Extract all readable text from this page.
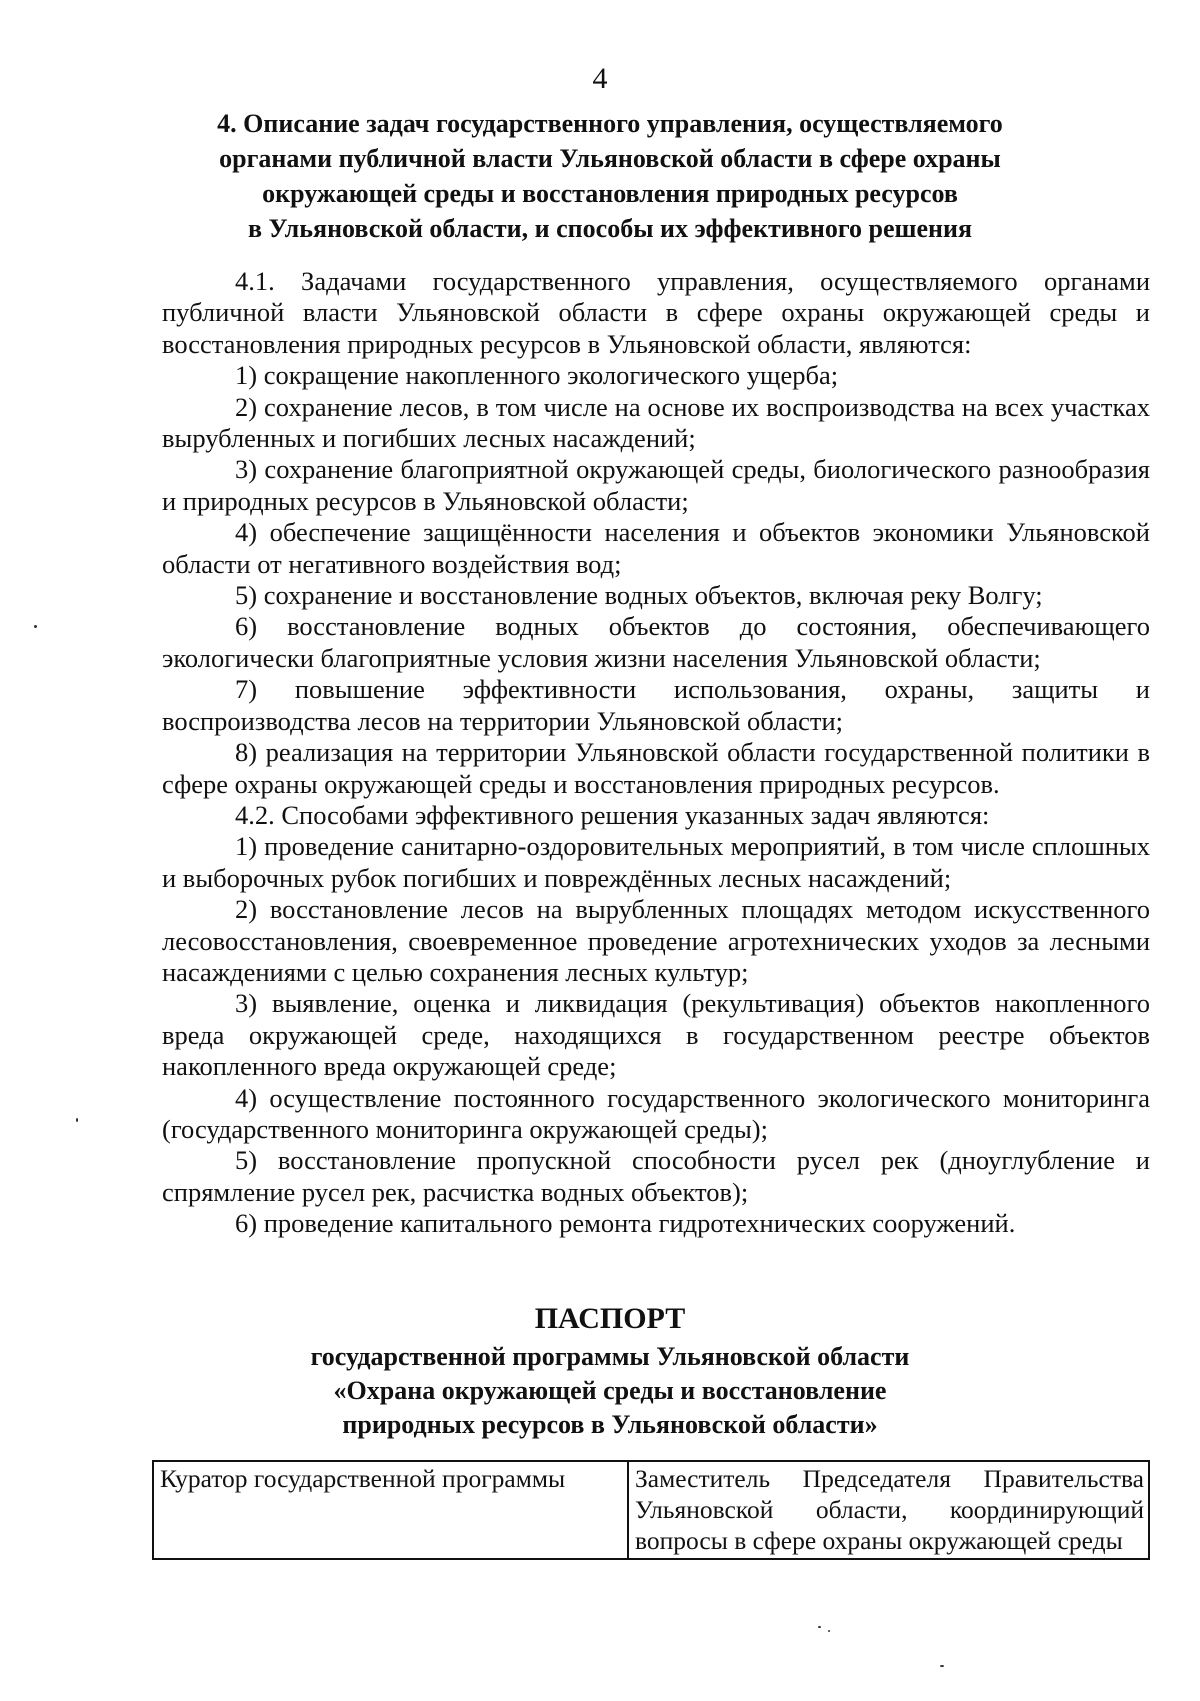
4
4. Описание задач государственного управления, осуществляемого
органами публичной власти Ульяновской области в сфере охраны
окружающей среды и восстановления природных ресурсов
в Ульяновской области, и способы их эффективного решения

4.1. Задачами государственного управления, осуществляемого органами публичной власти Ульяновской области в сфере охраны окружающей среды и восстановления природных ресурсов в Ульяновской области, являются:

1) сокращение накопленного экологического ущерба;

2) сохранение лесов, в том числе на основе их воспроизводства на всех участках вырубленных и погибших лесных насаждений;

3) сохранение благоприятной окружающей среды, биологического разнообразия и природных ресурсов в Ульяновской области;

4) обеспечение защищённости населения и объектов экономики Ульяновской области от негативного воздействия вод;

5) сохранение и восстановление водных объектов, включая реку Волгу;

6) восстановление водных объектов до состояния, обеспечивающего экологически благоприятные условия жизни населения Ульяновской области;

7) повышение эффективности использования, охраны, защиты и воспроизводства лесов на территории Ульяновской области;

8) реализация на территории Ульяновской области государственной политики в сфере охраны окружающей среды и восстановления природных ресурсов.

4.2. Способами эффективного решения указанных задач являются:

1) проведение санитарно-оздоровительных мероприятий, в том числе сплошных и выборочных рубок погибших и повреждённых лесных насаждений;

2) восстановление лесов на вырубленных площадях методом искусственного лесовосстановления, своевременное проведение агротехнических уходов за лесными насаждениями с целью сохранения лесных культур;

3) выявление, оценка и ликвидация (рекультивация) объектов накопленного вреда окружающей среде, находящихся в государственном реестре объектов накопленного вреда окружающей среде;

4) осуществление постоянного государственного экологического мониторинга (государственного мониторинга окружающей среды);

5) восстановление пропускной способности русел рек (дноуглубление и спрямление русел рек, расчистка водных объектов);

6) проведение капитального ремонта гидротехнических сооружений.

ПАСПОРТ
государственной программы Ульяновской области
«Охрана окружающей среды и восстановление
природных ресурсов в Ульяновской области»
Куратор государственной программы	Заместитель Председателя Правительства Ульяновской области, координирующий вопросы в сфере охраны окружающей среды
